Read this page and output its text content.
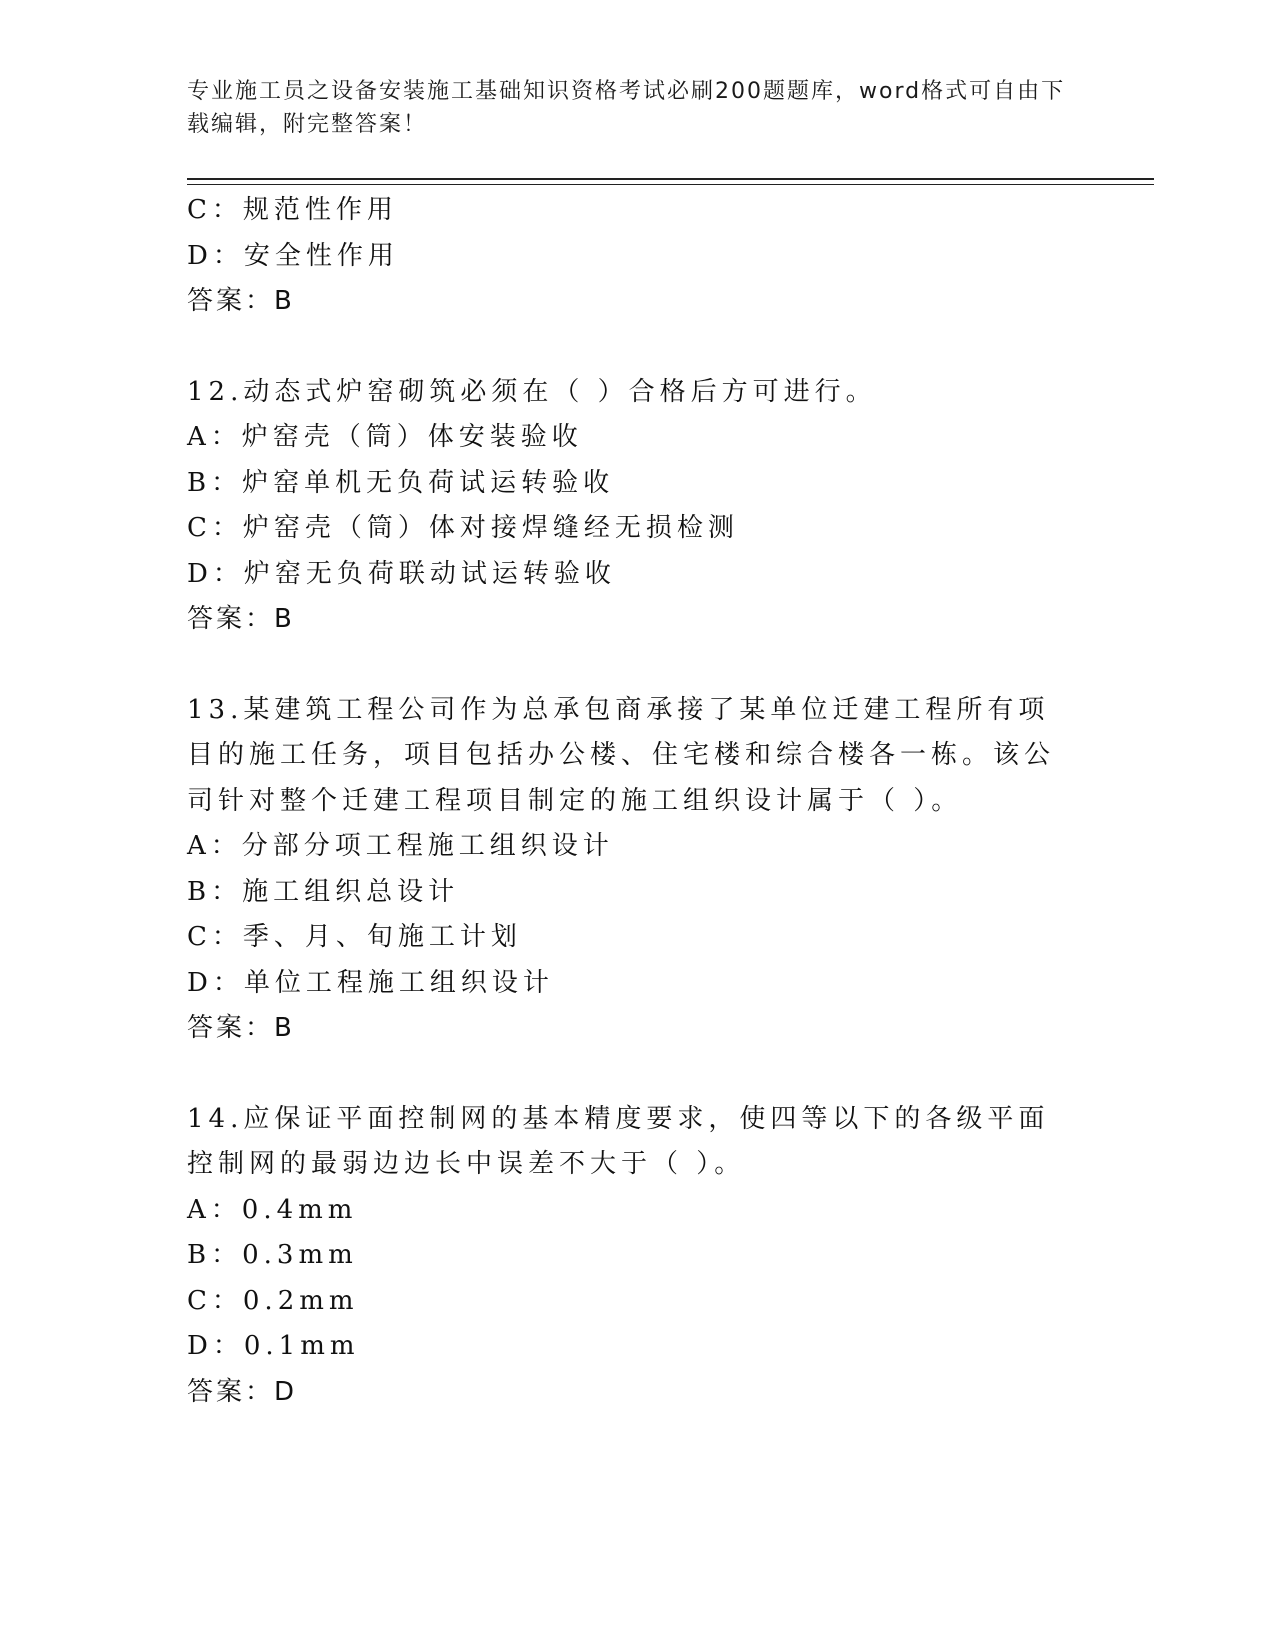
专业施工员之设备安装施工基础知识资格考试必刷200题题库，word格式可自由下载编辑，附完整答案！
C：规范性作用
D：安全性作用
答案：B
12.动态式炉窑砌筑必须在（ ）合格后方可进行。
A：炉窑壳（筒）体安装验收
B：炉窑单机无负荷试运转验收
C：炉窑壳（筒）体对接焊缝经无损检测
D：炉窑无负荷联动试运转验收
答案：B
13.某建筑工程公司作为总承包商承接了某单位迁建工程所有项目的施工任务，项目包括办公楼、住宅楼和综合楼各一栋。该公司针对整个迁建工程项目制定的施工组织设计属于（ ）。
A：分部分项工程施工组织设计
B：施工组织总设计
C：季、月、旬施工计划
D：单位工程施工组织设计
答案：B
14.应保证平面控制网的基本精度要求，使四等以下的各级平面控制网的最弱边边长中误差不大于（ ）。
A：0.4mm
B：0.3mm
C：0.2mm
D：0.1mm
答案：D
